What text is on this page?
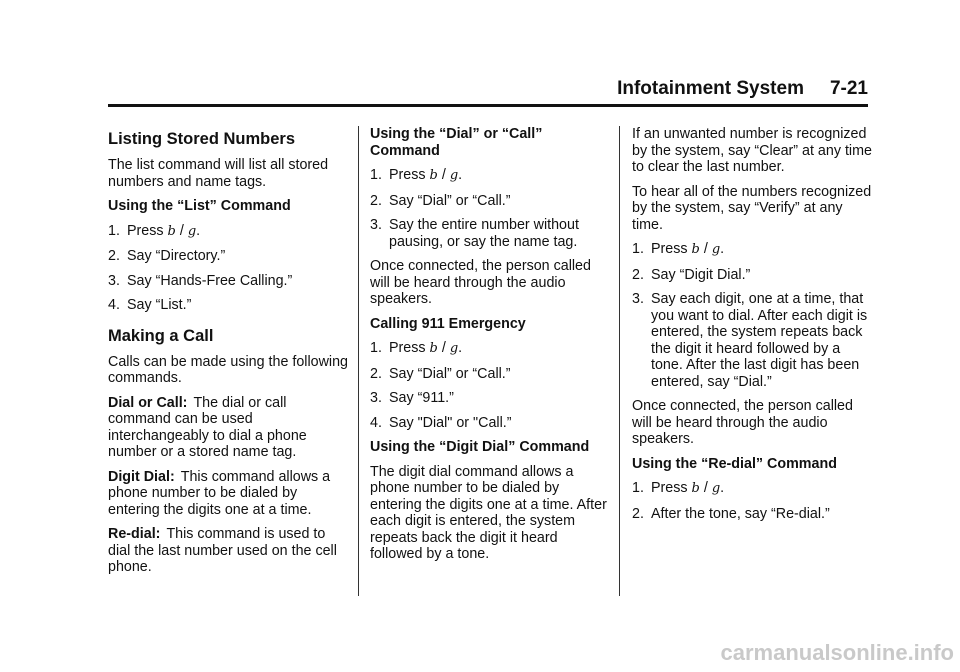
Infotainment System 7-21
Listing Stored Numbers

The list command will list all stored numbers and name tags.

Using the “List” Command

1. Press b / g.
2. Say “Directory.”
3. Say “Hands-Free Calling.”
4. Say “List.”
Making a Call

Calls can be made using the following commands.

Dial or Call: The dial or call command can be used interchangeably to dial a phone number or a stored name tag.

Digit Dial: This command allows a phone number to be dialed by entering the digits one at a time.

Re-dial: This command is used to dial the last number used on the cell phone.

Using the “Dial” or “Call” Command

1. Press b / g.
2. Say “Dial” or “Call.”
3. Say the entire number without pausing, or say the name tag.

Once connected, the person called will be heard through the audio speakers.

Calling 911 Emergency

1. Press b / g.
2. Say “Dial” or “Call.”
3. Say “911.”
4. Say "Dial" or "Call.”

Using the “Digit Dial” Command

The digit dial command allows a phone number to be dialed by entering the digits one at a time. After each digit is entered, the system repeats back the digit it heard followed by a tone.

If an unwanted number is recognized by the system, say “Clear” at any time to clear the last number.

To hear all of the numbers recognized by the system, say “Verify” at any time.

1. Press b / g.
2. Say “Digit Dial.”
3. Say each digit, one at a time, that you want to dial. After each digit is entered, the system repeats back the digit it heard followed by a tone. After the last digit has been entered, say “Dial.”

Once connected, the person called will be heard through the audio speakers.

Using the “Re-dial” Command

1. Press b / g.
2. After the tone, say “Re-dial.”
carmanualsonline.info
